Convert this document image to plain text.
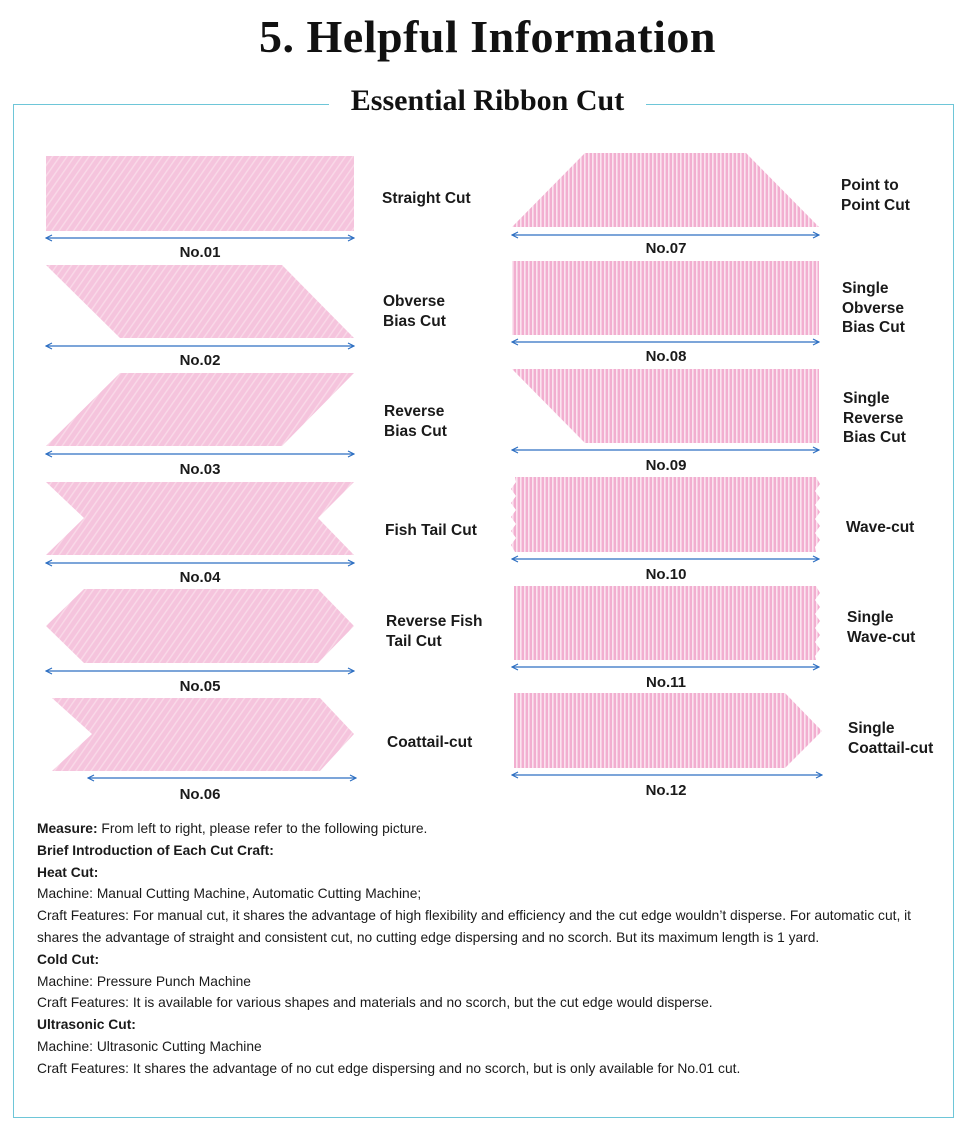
5. Helpful Information
Essential Ribbon Cut
Straight Cut
Obverse
Bias Cut
Reverse
Bias Cut
Fish Tail Cut
Reverse Fish
Tail Cut
Coattail-cut
Point to
Point Cut
Single
Obverse
Bias Cut
Single
Reverse
Bias Cut
Wave-cut
Single
Wave-cut
Single
Coattail-cut
No.01
No.02
No.03
No.04
No.05
No.06
No.07
No.08
No.09
No.10
No.11
No.12
Measure: From left to right, please refer to the following picture.
Brief Introduction of Each Cut Craft:
Heat Cut:
Machine: Manual Cutting Machine, Automatic Cutting Machine;
Craft Features: For manual cut, it shares the advantage of high flexibility and efficiency and the cut edge wouldn’t disperse. For automatic cut, it shares the advantage of straight and consistent cut, no cutting edge dispersing and no scorch. But its maximum length is 1 yard.
Cold Cut:
Machine: Pressure Punch Machine
Craft Features: It is available for various shapes and materials and no scorch, but the cut edge would disperse.
Ultrasonic Cut:
Machine: Ultrasonic Cutting Machine
Craft Features: It shares the advantage of no cut edge dispersing and no scorch, but is only available for No.01 cut.
